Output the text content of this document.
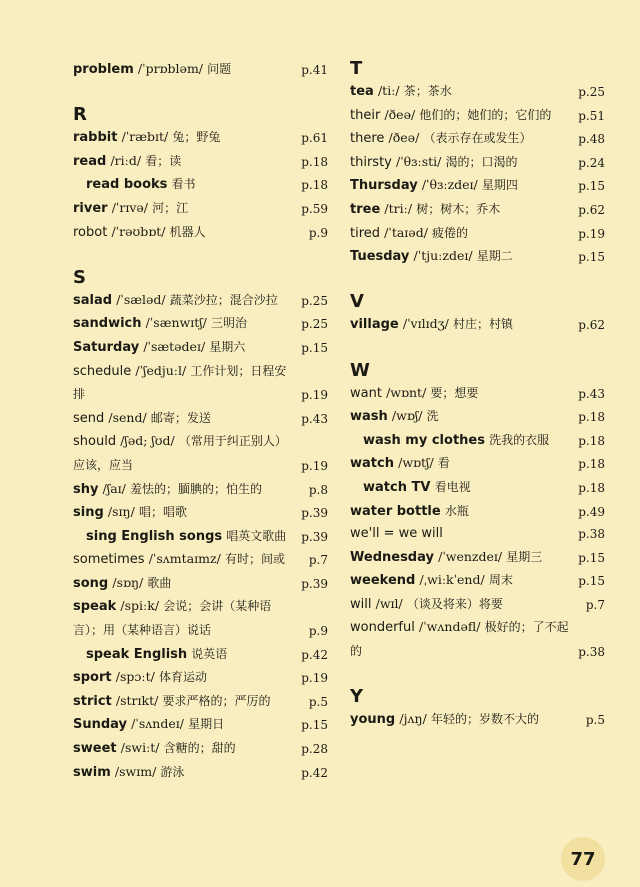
problem /ˈprɒbləm/ 问题	p.41
R
rabbit /ˈræbɪt/ 兔；野兔	p.61
read /riːd/ 看；读	p.18
read books 看书	p.18
river /ˈrɪvə/ 河；江	p.59
robot /ˈrəʊbɒt/ 机器人	p.9
S
salad /ˈsæləd/ 蔬菜沙拉；混合沙拉 p.25
sandwich /ˈsænwɪtʃ/ 三明治	p.25
Saturday /ˈsætədeɪ/ 星期六	p.15
schedule /ˈʃedjuːl/ 工作计划；日程安排	p.19
send /send/ 邮寄；发送	p.43
should /ʃəd; ʃʊd/ （常用于纠正别人）应该，应当	p.19
shy /ʃaɪ/ 羞怯的；腼腆的；怕生的	p.8
sing /sɪŋ/ 唱；唱歌	p.39
sing English songs 唱英文歌曲 p.39
sometimes /ˈsʌmtaɪmz/ 有时；间或 p.7
song /sɒŋ/ 歌曲	p.39
speak /spiːk/ 会说；会讲（某种语言）；用（某种语言）说话	p.9
speak English 说英语	p.42
sport /spɔːt/ 体育运动	p.19
strict /strɪkt/ 要求严格的；严厉的	p.5
Sunday /ˈsʌndeɪ/ 星期日	p.15
sweet /swiːt/ 含糖的；甜的	p.28
swim /swɪm/ 游泳	p.42
T
tea /tiː/ 茶；茶水	p.25
their /ðeə/ 他们的；她们的；它们的 p.51
there /ðeə/ （表示存在或发生）	p.48
thirsty /ˈθɜːsti/ 渴的；口渴的	p.24
Thursday /ˈθɜːzdeɪ/ 星期四	p.15
tree /triː/ 树；树木；乔木	p.62
tired /ˈtaɪəd/ 疲倦的	p.19
Tuesday /ˈtjuːzdeɪ/ 星期二	p.15
V
village /ˈvɪlɪdʒ/ 村庄；村镇	p.62
W
want /wɒnt/ 要；想要	p.43
wash /wɒʃ/ 洗	p.18
wash my clothes 洗我的衣服 p.18
watch /wɒtʃ/ 看	p.18
watch TV 看电视	p.18
water bottle 水瓶	p.49
we'll = we will	p.38
Wednesday /ˈwenzdeɪ/ 星期三	p.15
weekend /ˌwiːkˈend/ 周末	p.15
will /wɪl/ （谈及将来）将要	p.7
wonderful /ˈwʌndəfl/ 极好的；了不起的	p.38
Y
young /jʌŋ/ 年轻的；岁数不大的	p.5
77
